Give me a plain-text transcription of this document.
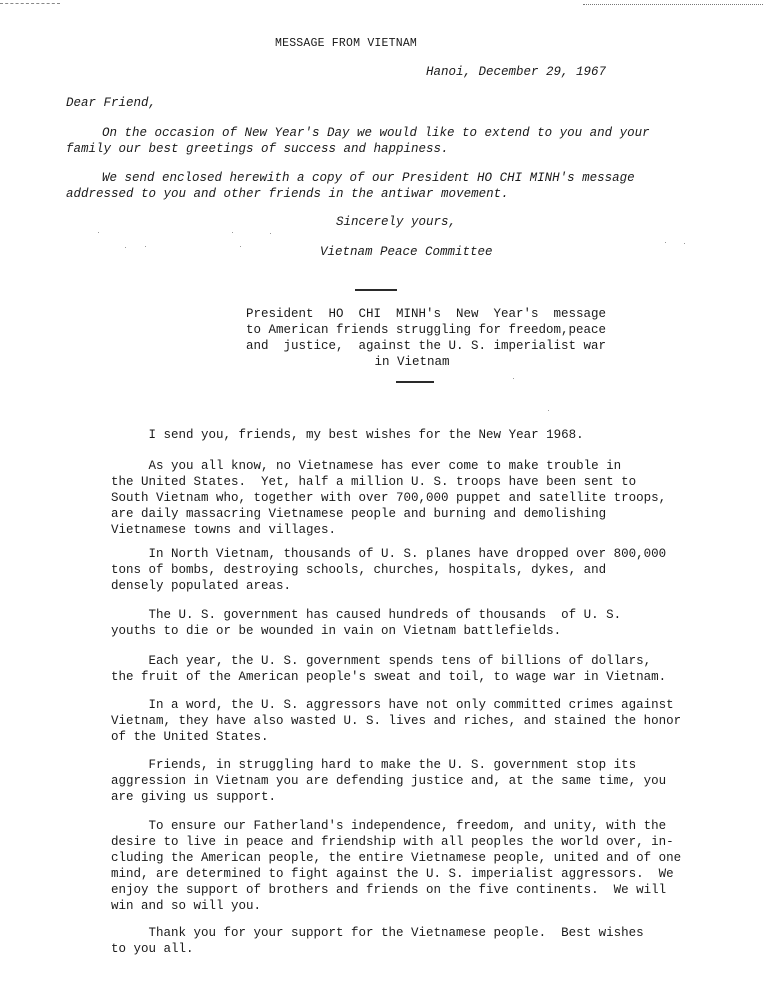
MESSAGE FROM VIETNAM
Hanoi, December 29, 1967
Dear Friend,
On the occasion of New Year's Day we would like to extend to you and your
family our best greetings of success and happiness.
We send enclosed herewith a copy of our President HO CHI MINH's message
addressed to you and other friends in the antiwar movement.
Sincerely yours,
Vietnam Peace Committee
President  HO  CHI  MINH's  New  Year's  message
to American friends struggling for freedom,peace
and  justice,  against the U. S. imperialist war
in Vietnam
I send you, friends, my best wishes for the New Year 1968.
As you all know, no Vietnamese has ever come to make trouble in
the United States.  Yet, half a million U. S. troops have been sent to
South Vietnam who, together with over 700,000 puppet and satellite troops,
are daily massacring Vietnamese people and burning and demolishing
Vietnamese towns and villages.
In North Vietnam, thousands of U. S. planes have dropped over 800,000
tons of bombs, destroying schools, churches, hospitals, dykes, and
densely populated areas.
The U. S. government has caused hundreds of thousands  of U. S.
youths to die or be wounded in vain on Vietnam battlefields.
Each year, the U. S. government spends tens of billions of dollars,
the fruit of the American people's sweat and toil, to wage war in Vietnam.
In a word, the U. S. aggressors have not only committed crimes against
Vietnam, they have also wasted U. S. lives and riches, and stained the honor
of the United States.
Friends, in struggling hard to make the U. S. government stop its
aggression in Vietnam you are defending justice and, at the same time, you
are giving us support.
To ensure our Fatherland's independence, freedom, and unity, with the
desire to live in peace and friendship with all peoples the world over, in-
cluding the American people, the entire Vietnamese people, united and of one
mind, are determined to fight against the U. S. imperialist aggressors.  We
enjoy the support of brothers and friends on the five continents.  We will
win and so will you.
Thank you for your support for the Vietnamese people.  Best wishes
to you all.
